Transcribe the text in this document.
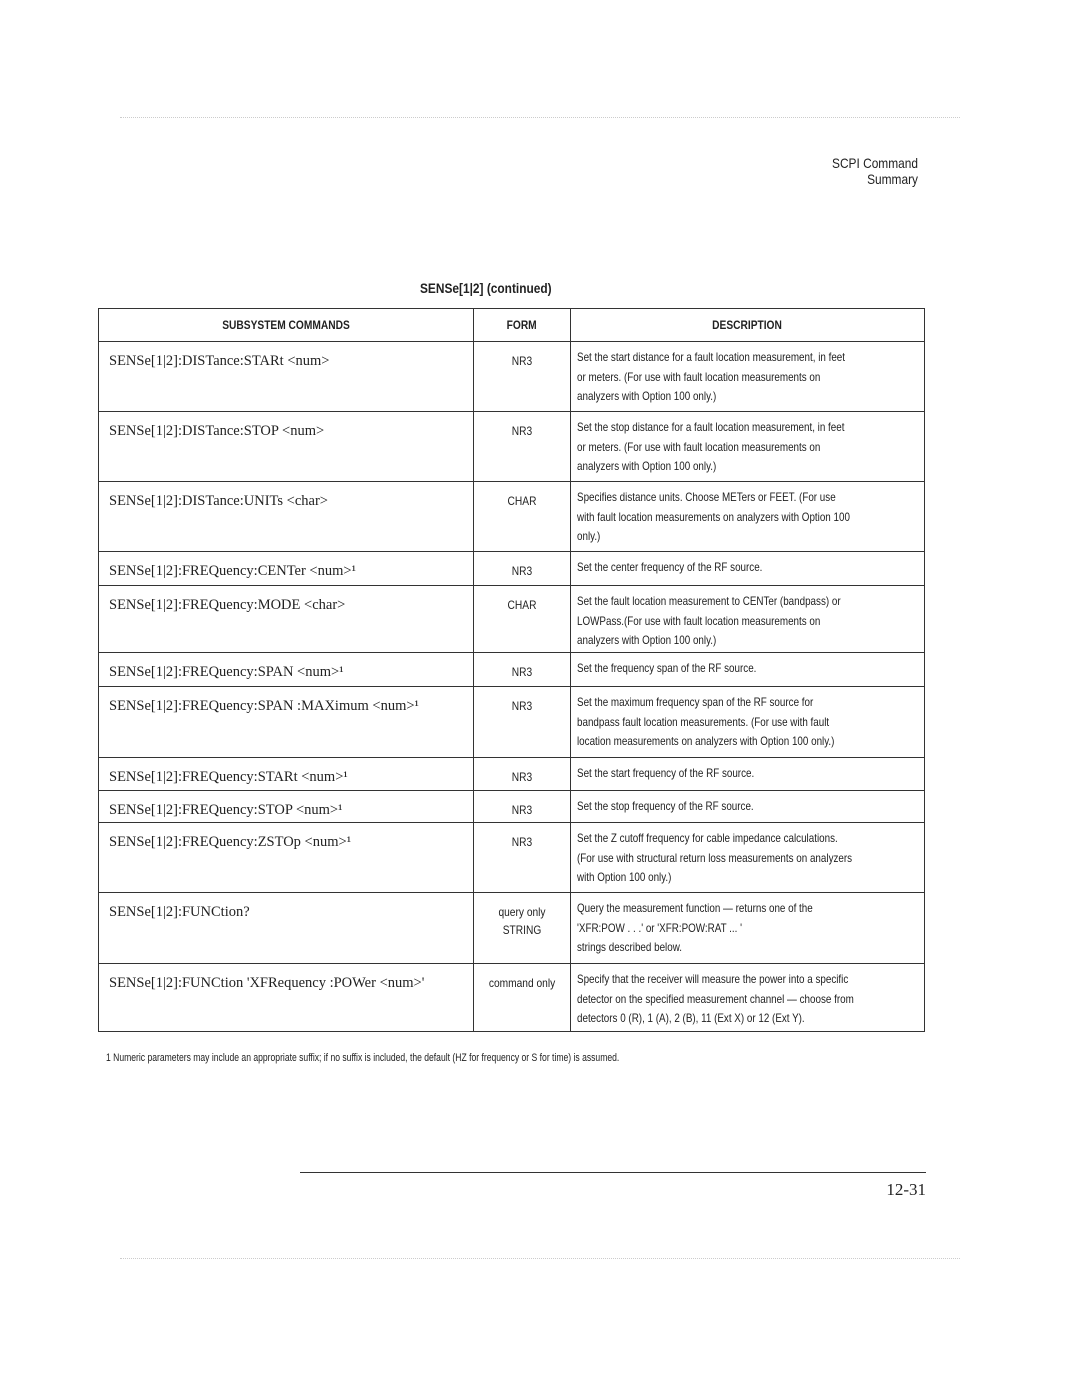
SCPI Command Summary
SENSe[1|2] (continued)
SUBSYSTEM COMMANDS	FORM	DESCRIPTION
SENSe[1|2]:DISTance:STARt <num>	NR3	Set the start distance for a fault location measurement, in feet
or meters. (For use with fault location measurements on
analyzers with Option 100 only.)

SENSe[1|2]:DISTance:STOP <num>	NR3	Set the stop distance for a fault location measurement, in feet
or meters. (For use with fault location measurements on
analyzers with Option 100 only.)

SENSe[1|2]:DISTance:UNITs <char>	CHAR	Specifies distance units. Choose METers or FEET. (For use
with fault location measurements on analyzers with Option 100
only.)

SENSe[1|2]:FREQuency:CENTer <num>¹	NR3	Set the center frequency of the RF source.

SENSe[1|2]:FREQuency:MODE <char>	CHAR	Set the fault location measurement to CENTer (bandpass) or
LOWPass.(For use with fault location measurements on
analyzers with Option 100 only.)

SENSe[1|2]:FREQuency:SPAN <num>¹	NR3	Set the frequency span of the RF source.

SENSe[1|2]:FREQuency:SPAN :MAXimum <num>¹	NR3	Set the maximum frequency span of the RF source for
bandpass fault location measurements. (For use with fault
location measurements on analyzers with Option 100 only.)

SENSe[1|2]:FREQuency:STARt <num>¹	NR3	Set the start frequency of the RF source.

SENSe[1|2]:FREQuency:STOP <num>¹	NR3	Set the stop frequency of the RF source.

SENSe[1|2]:FREQuency:ZSTOp <num>¹	NR3	Set the Z cutoff frequency for cable impedance calculations.
(For use with structural return loss measurements on analyzers
with Option 100 only.)

SENSe[1|2]:FUNCtion?	query only STRING	Query the measurement function — returns one of the
'XFR:POW . . .' or 'XFR:POW:RAT ... '
strings described below.

SENSe[1|2]:FUNCtion 'XFRequency :POWer <num>'	command only	Specify that the receiver will measure the power into a specific
detector on the specified measurement channel — choose from
detectors 0 (R), 1 (A), 2 (B), 11 (Ext X) or 12 (Ext Y).

1 Numeric parameters may include an appropriate suffix; if no suffix is included, the default (HZ for frequency or S for time) is assumed.
12-31
